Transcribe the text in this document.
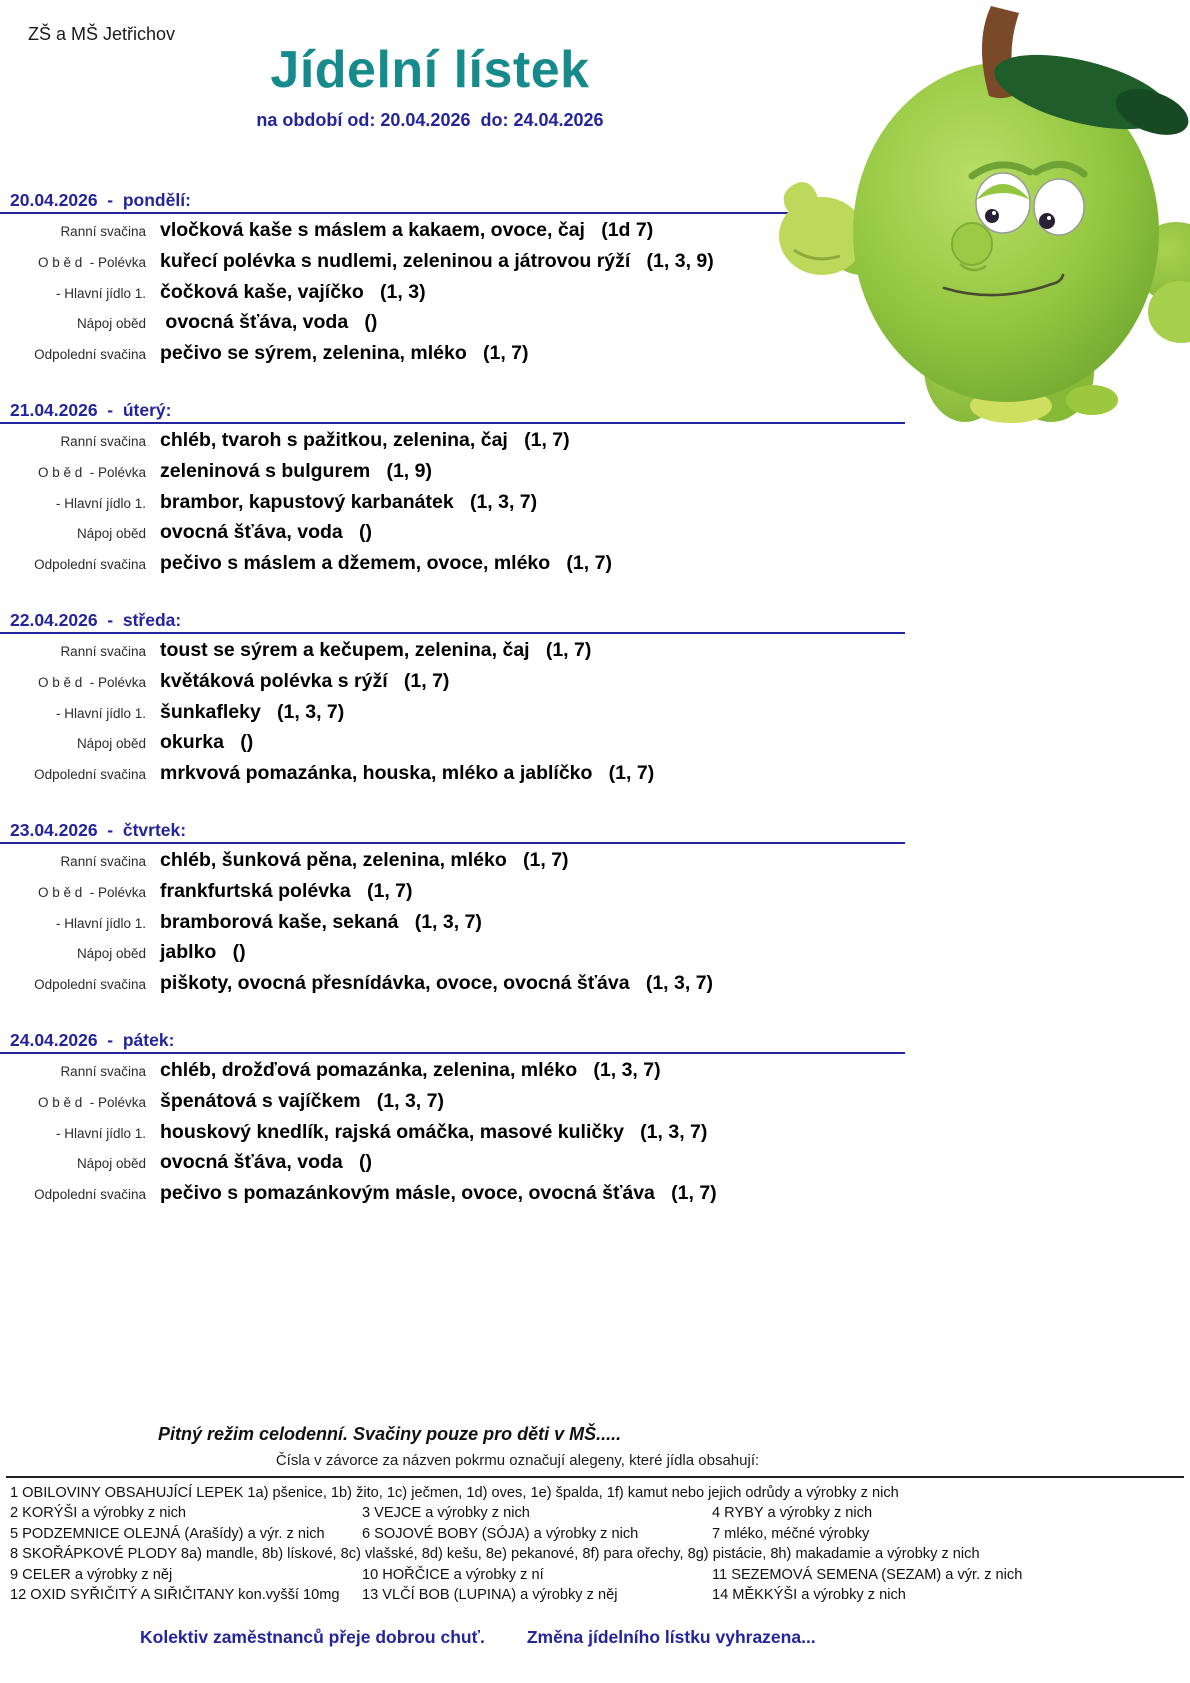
ZŠ a MŠ Jetřichov
Jídelní lístek
na období od: 20.04.2026  do: 24.04.2026
20.04.2026  -  pondělí:
Ranní svačina vločková kaše s máslem a kakaem, ovoce, čaj   (1d 7)
O b ě d  - Polévka kuřecí polévka s nudlemi, zeleninou a játrovou rýží   (1, 3, 9)
- Hlavní jídlo 1. čočková kaše, vajíčko   (1, 3)
Nápoj oběd ovocná šťáva, voda   ()
Odpolední svačina pečivo se sýrem, zelenina, mléko   (1, 7)
21.04.2026  -  úterý:
Ranní svačina chléb, tvaroh s pažitkou, zelenina, čaj   (1, 7)
O b ě d  - Polévka zeleninová s bulgurem   (1, 9)
- Hlavní jídlo 1. brambor, kapustový karbanátek   (1, 3, 7)
Nápoj oběd ovocná šťáva, voda   ()
Odpolední svačina pečivo s máslem a džemem, ovoce, mléko   (1, 7)
22.04.2026  -  středa:
Ranní svačina toust se sýrem a kečupem, zelenina, čaj   (1, 7)
O b ě d  - Polévka květáková polévka s rýží   (1, 7)
- Hlavní jídlo 1. šunkafleky   (1, 3, 7)
Nápoj oběd okurka   ()
Odpolední svačina mrkvová pomazánka, houska, mléko a jablíčko   (1, 7)
23.04.2026  -  čtvrtek:
Ranní svačina chléb, šunková pěna, zelenina, mléko   (1, 7)
O b ě d  - Polévka frankfurtská polévka   (1, 7)
- Hlavní jídlo 1. bramborová kaše, sekaná   (1, 3, 7)
Nápoj oběd jablko   ()
Odpolední svačina piškoty, ovocná přesnídávka, ovoce, ovocná šťáva   (1, 3, 7)
24.04.2026  -  pátek:
Ranní svačina chléb, drožďová pomazánka, zelenina, mléko   (1, 3, 7)
O b ě d  - Polévka špenátová s vajíčkem   (1, 3, 7)
- Hlavní jídlo 1. houskový knedlík, rajská omáčka, masové kuličky   (1, 3, 7)
Nápoj oběd ovocná šťáva, voda   ()
Odpolední svačina pečivo s pomazánkovým másle, ovoce, ovocná šťáva   (1, 7)
Pitný režim celodenní. Svačiny pouze pro děti v MŠ.....
Čísla v závorce za názven pokrmu označují alegeny, které jídla obsahují:
1 OBILOVINY OBSAHUJÍCÍ LEPEK 1a) pšenice, 1b) žito, 1c) ječmen, 1d) oves, 1e) špalda, 1f) kamut nebo jejich odrůdy a výrobky z nich
2 KORÝŠI a výrobky z nich	3 VEJCE a výrobky z nich	4 RYBY a výrobky z nich
5 PODZEMNICE OLEJNÁ (Arašídy) a výr. z nich	6 SOJOVÉ BOBY (SÓJA) a výrobky z nich	7 mléko, méčné výrobky
8 SKOŘÁPKOVÉ PLODY 8a) mandle, 8b) lískové, 8c) vlašské, 8d) kešu, 8e) pekanové, 8f) para ořechy, 8g) pistácie, 8h) makadamie a výrobky z nich
9 CELER a výrobky z něj	10 HOŘČICE a výrobky z ní	11 SEZEMOVÁ SEMENA (SEZAM) a výr. z nich
12 OXID SYŘIČITÝ A SIŘIČITANY kon.vyšší 10mg	13 VLČÍ BOB (LUPINA) a výrobky z něj	14 MĚKKÝŠI a výrobky z nich
Kolektiv zaměstnanců přeje dobrou chuť. Změna jídelního lístku vyhrazena...
